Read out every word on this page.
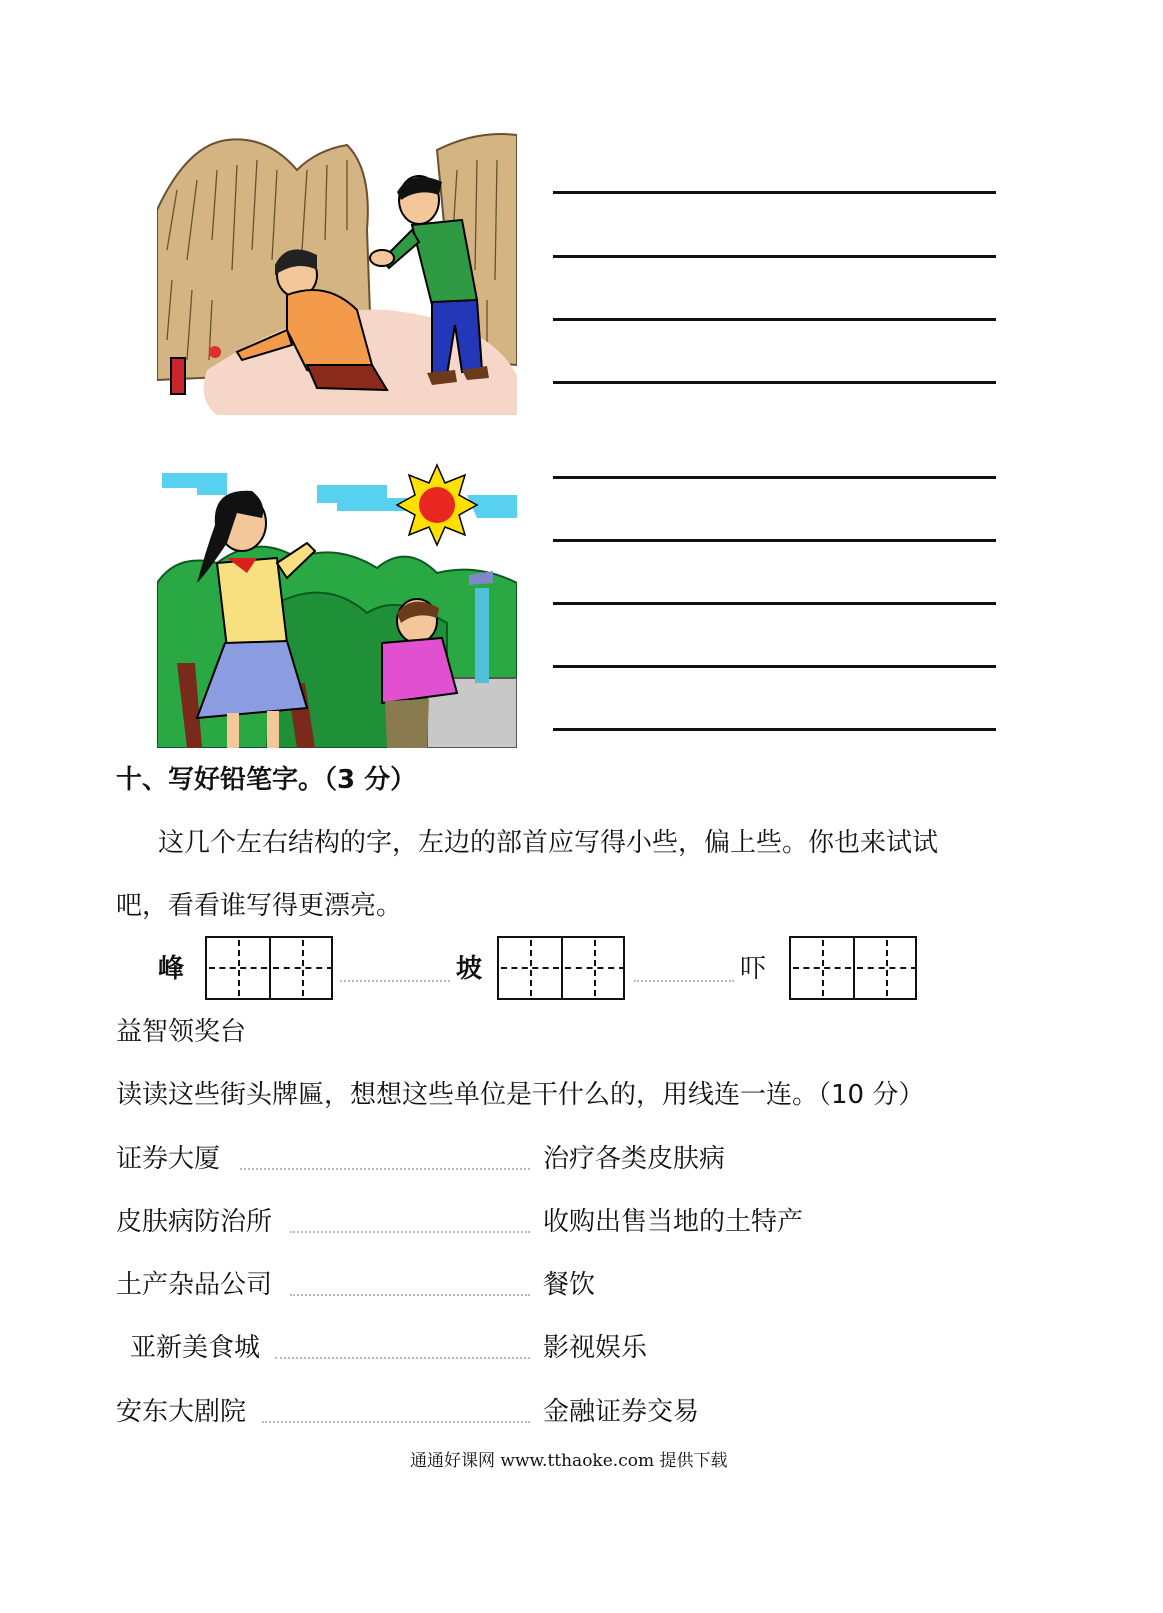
十、写好铅笔字。（3 分）
这几个左右结构的字，左边的部首应写得小些，偏上些。你也来试试
吧，看看谁写得更漂亮。
峰	坡	吓
益智领奖台
读读这些街头牌匾，想想这些单位是干什么的，用线连一连。（10 分）
证券大厦	治疗各类皮肤病
皮肤病防治所	收购出售当地的土特产
土产杂品公司	餐饮
亚新美食城	影视娱乐
安东大剧院	金融证券交易
通通好课网 www.tthaoke.com 提供下载
